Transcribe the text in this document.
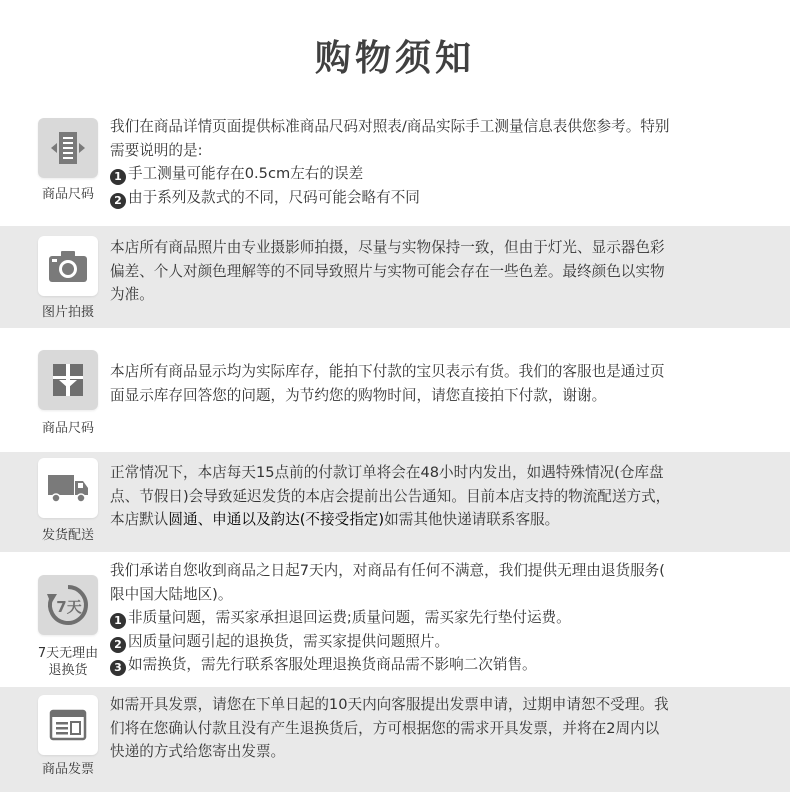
购物须知
商品尺码

我们在商品详情页面提供标准商品尺码对照表/商品实际手工测量信息表供您参考。特别

需要说明的是:

1 手工测量可能存在0.5cm左右的误差

2 由于系列及款式的不同，尺码可能会略有不同

图片拍摄

本店所有商品照片由专业摄影师拍摄，尽量与实物保持一致，但由于灯光、显示器色彩

偏差、个人对颜色理解等的不同导致照片与实物可能会存在一些色差。最终颜色以实物

为准。

商品尺码

本店所有商品显示均为实际库存，能拍下付款的宝贝表示有货。我们的客服也是通过页

面显示库存回答您的问题，为节约您的购物时间，请您直接拍下付款，谢谢。

发货配送

正常情况下，本店每天15点前的付款订单将会在48小时内发出，如遇特殊情况(仓库盘

点、节假日)会导致延迟发货的本店会提前出公告通知。目前本店支持的物流配送方式，

本店默认圆通、申通以及韵达(不接受指定)如需其他快递请联系客服。

7天
7天无理由
退换货

我们承诺自您收到商品之日起7天内，对商品有任何不满意，我们提供无理由退货服务(

限中国大陆地区)。

1 非质量问题，需买家承担退回运费;质量问题，需买家先行垫付运费。

2 因质量问题引起的退换货，需买家提供问题照片。

3 如需换货，需先行联系客服处理退换货商品需不影响二次销售。

商品发票

如需开具发票，请您在下单日起的10天内向客服提出发票申请，过期申请恕不受理。我

们将在您确认付款且没有产生退换货后，方可根据您的需求开具发票，并将在2周内以

快递的方式给您寄出发票。
